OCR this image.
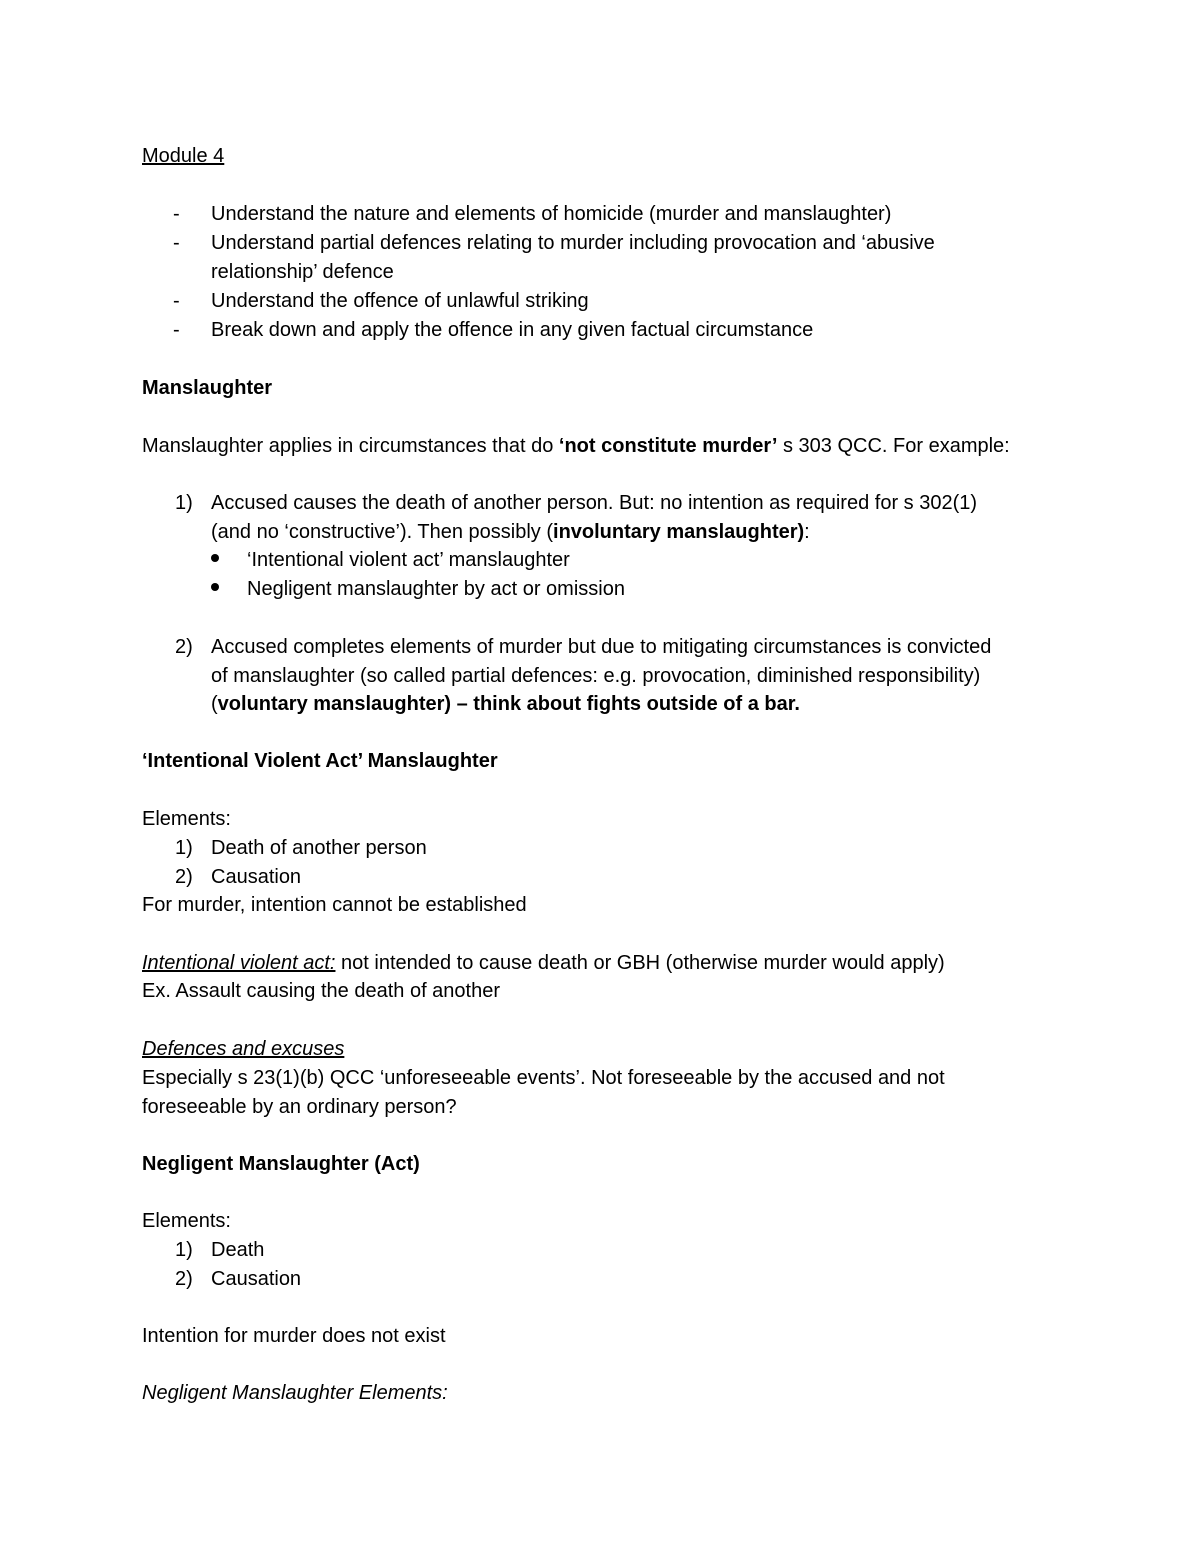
Module 4
- Understand the nature and elements of homicide (murder and manslaughter)
- Understand partial defences relating to murder including provocation and ‘abusive
relationship’ defence
- Understand the offence of unlawful striking
- Break down and apply the offence in any given factual circumstance
Manslaughter
Manslaughter applies in circumstances that do ‘not constitute murder’ s 303 QCC. For example:
1) Accused causes the death of another person. But: no intention as required for s 302(1)
(and no ‘constructive’). Then possibly (involuntary manslaughter):
‘Intentional violent act’ manslaughter
Negligent manslaughter by act or omission
2) Accused completes elements of murder but due to mitigating circumstances is convicted
of manslaughter (so called partial defences: e.g. provocation, diminished responsibility)
(voluntary manslaughter) – think about fights outside of a bar.
‘Intentional Violent Act’ Manslaughter
Elements:
1) Death of another person
2) Causation
For murder, intention cannot be established
Intentional violent act: not intended to cause death or GBH (otherwise murder would apply)
Ex. Assault causing the death of another
Defences and excuses
Especially s 23(1)(b) QCC ‘unforeseeable events’. Not foreseeable by the accused and not
foreseeable by an ordinary person?
Negligent Manslaughter (Act)
Elements:
1) Death
2) Causation
Intention for murder does not exist
Negligent Manslaughter Elements:
